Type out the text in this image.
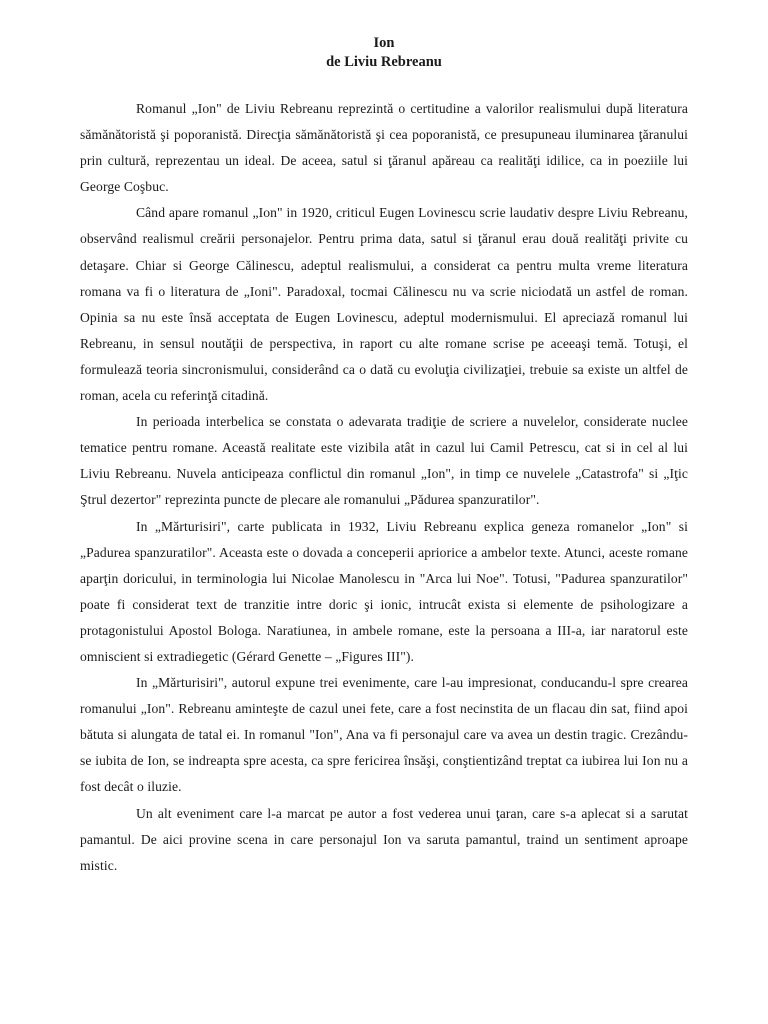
Ion
de Liviu Rebreanu

Romanul „Ion" de Liviu Rebreanu reprezintă o certitudine a valorilor realismului după literatura sămănătoristă şi poporanistă. Direcţia sămănătoristă şi cea poporanistă, ce presupuneau iluminarea ţăranului prin cultură, reprezentau un ideal. De aceea, satul si ţăranul apăreau ca realităţi idilice, ca in poeziile lui George Coşbuc.

Când apare romanul „Ion" in 1920, criticul Eugen Lovinescu scrie laudativ despre Liviu Rebreanu, observând realismul creării personajelor. Pentru prima data, satul si ţăranul erau două realităţi privite cu detaşare. Chiar si George Călinescu, adeptul realismului, a considerat ca pentru multa vreme literatura romana va fi o literatura de „Ioni". Paradoxal, tocmai Călinescu nu va scrie niciodată un astfel de roman. Opinia sa nu este însă acceptata de Eugen Lovinescu, adeptul modernismului. El apreciază romanul lui Rebreanu, in sensul noutăţii de perspectiva, in raport cu alte romane scrise pe aceeaşi temă. Totuşi, el formulează teoria sincronismului, considerând ca o dată cu evoluţia civilizaţiei, trebuie sa existe un altfel de roman, acela cu referinţă citadină.

In perioada interbelica se constata o adevarata tradiţie de scriere a nuvelelor, considerate nuclee tematice pentru romane. Această realitate este vizibila atât in cazul lui Camil Petrescu, cat si in cel al lui Liviu Rebreanu. Nuvela anticipeaza conflictul din romanul „Ion", in timp ce nuvelele „Catastrofa" si „Iţic Ştrul dezertor" reprezinta puncte de plecare ale romanului „Pădurea spanzuratilor".

In „Mărturisiri", carte publicata in 1932, Liviu Rebreanu explica geneza romanelor „Ion" si „Padurea spanzuratilor". Aceasta este o dovada a conceperii apriorice a ambelor texte. Atunci, aceste romane aparţin doricului, in terminologia lui Nicolae Manolescu in "Arca lui Noe". Totusi, "Padurea spanzuratilor" poate fi considerat text de tranzitie intre doric şi ionic, intrucât exista si elemente de psihologizare a protagonistului Apostol Bologa. Naratiunea, in ambele romane, este la persoana a III-a, iar naratorul este omniscient si extradiegetic (Gérard Genette – „Figures III").

In „Mărturisiri", autorul expune trei evenimente, care l-au impresionat, conducandu-l spre crearea romanului „Ion". Rebreanu aminteşte de cazul unei fete, care a fost necinstita de un flacau din sat, fiind apoi bătuta si alungata de tatal ei. In romanul "Ion", Ana va fi personajul care va avea un destin tragic. Crezându-se iubita de Ion, se indreapta spre acesta, ca spre fericirea însăşi, conştientizând treptat ca iubirea lui Ion nu a fost decât o iluzie.

Un alt eveniment care l-a marcat pe autor a fost vederea unui ţaran, care s-a aplecat si a sarutat pamantul. De aici provine scena in care personajul Ion va saruta pamantul, traind un sentiment aproape mistic.
